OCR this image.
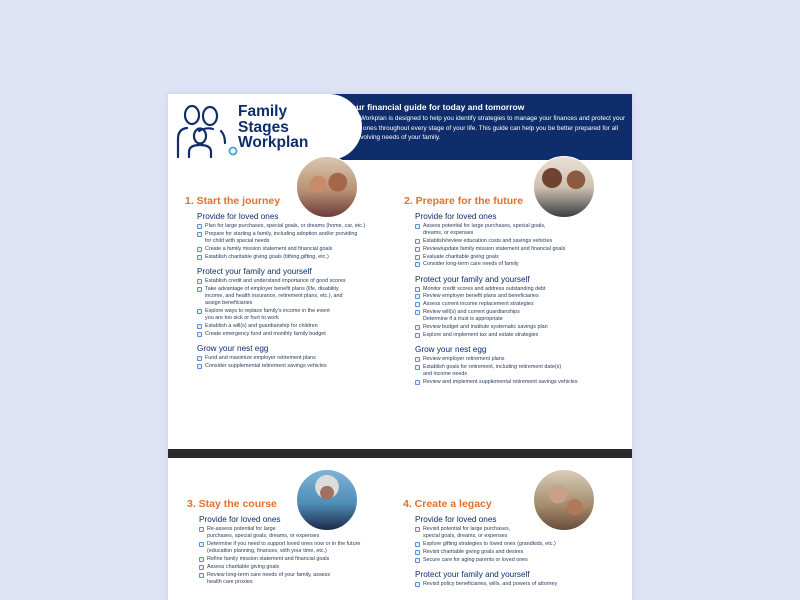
Family
Stages
Workplan
Your financial guide for today and tomorrow
This Workplan is designed to help you identify strategies to manage your finances and protect your loved ones throughout every stage of your life. This guide can help you be better prepared for all the evolving needs of your family.
1. Start the journey
Provide for loved ones
Plan for large purchases, special goals, or dreams (home, car, etc.)
Prepare for starting a family, including adoption and/or providing
for child with special needs
Create a family mission statement and financial goals
Establish charitable giving goals (tithing,gifting, etc.)
Protect your family and yourself
Establish credit and understand importance of good scores
Take advantage of employer benefit plans (life, disability
income, and health insurance, retirement plans, etc.), and
assign beneficiaries
Explore ways to replace family's income in the event
you are too sick or hurt to work
Establish a will(s) and guardianship for children
Create emergency fund and monthly family budget
Grow your nest egg
Fund and maximize employer retirement plans
Consider supplemental retirement savings vehicles
2. Prepare for the future
Provide for loved ones
Assess potential for large purchases, special goals,
dreams, or expenses
Establish/review education costs and savings vehicles
Review/update family mission statement and financial goals
Evaluate charitable giving goals
Consider long-term care needs of family
Protect your family and yourself
Monitor credit scores and address outstanding debt
Review employer benefit plans and beneficiaries
Assess current income replacement strategies
Review will(s) and current guardianships
Determine if a trust is appropriate
Review budget and institute systematic savings plan
Explore and implement tax and estate strategies
Grow your nest egg
Review employer retirement plans
Establish goals for retirement, including retirement date(s)
and income needs
Review and implement supplemental retirement savings vehicles
3. Stay the course
Provide for loved ones
Re-assess potential for large
purchases, special goals, dreams, or expenses
Determine if you need to support loved ones now or in the future
(education planning, finances, with your time, etc.)
Refine family mission statement and financial goals
Assess charitable giving goals
Review long-term care needs of your family, assess
health care proxies
4. Create a legacy
Provide for loved ones
Revisit potential for large purchases,
special goals, dreams, or expenses
Explore gifting strategies to loved ones (grandkids, etc.)
Revisit charitable giving goals and desires
Secure care for aging parents or loved ones
Protect your family and yourself
Revisit policy beneficiaries, wills, and powers of attorney
